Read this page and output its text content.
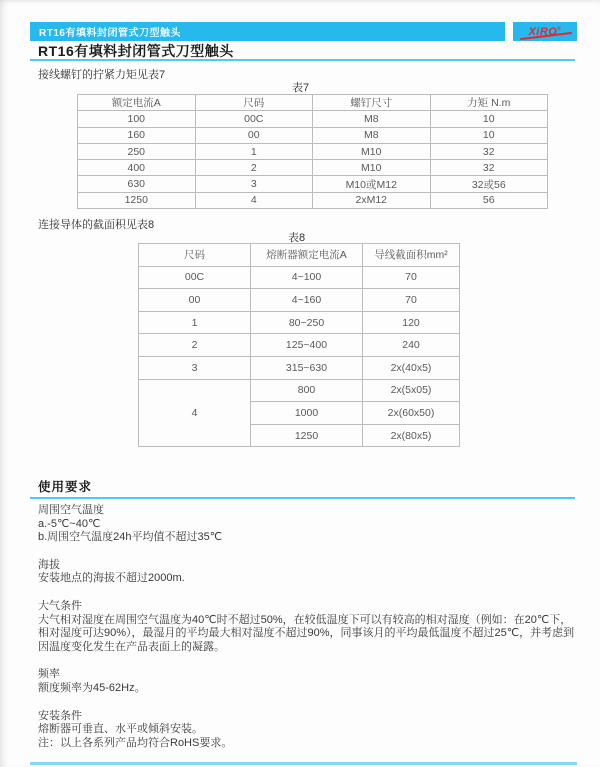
RT16有填料封闭管式刀型触头	XiRO®
RT16有填料封闭管式刀型触头
接线螺钉的拧紧力矩见表7
表7
额定电流A	尺码	螺钉尺寸	力矩 N.m
100	00C	M8	10
160	00	M8	10
250	1	M10	32
400	2	M10	32
630	3	M10或M12	32或56
1250	4	2xM12	56
连接导体的截面积见表8
表8
尺码	熔断器额定电流A	导线截面积mm²
00C	4~100	70
00	4~160	70
1	80~250	120
2	125~400	240
3	315~630	2x(40x5)
4	800	2x(5x05)
	1000	2x(60x50)
	1250	2x(80x5)
使用要求
周围空气温度
a.-5℃~40℃
b.周围空气温度24h平均值不超过35℃
海拔
安装地点的海拔不超过2000m.
大气条件
大气相对湿度在周围空气温度为40℃时不超过50%，在较低温度下可以有较高的相对湿度（例如：在20℃下，相对湿度可达90%），最湿月的平均最大相对湿度不超过90%，同事该月的平均最低温度不超过25℃，并考虑到因温度变化发生在产品表面上的凝露。
频率
额度频率为45-62Hz。
安装条件
熔断器可垂直、水平或倾斜安装。
注：以上各系列产品均符合RoHS要求。
